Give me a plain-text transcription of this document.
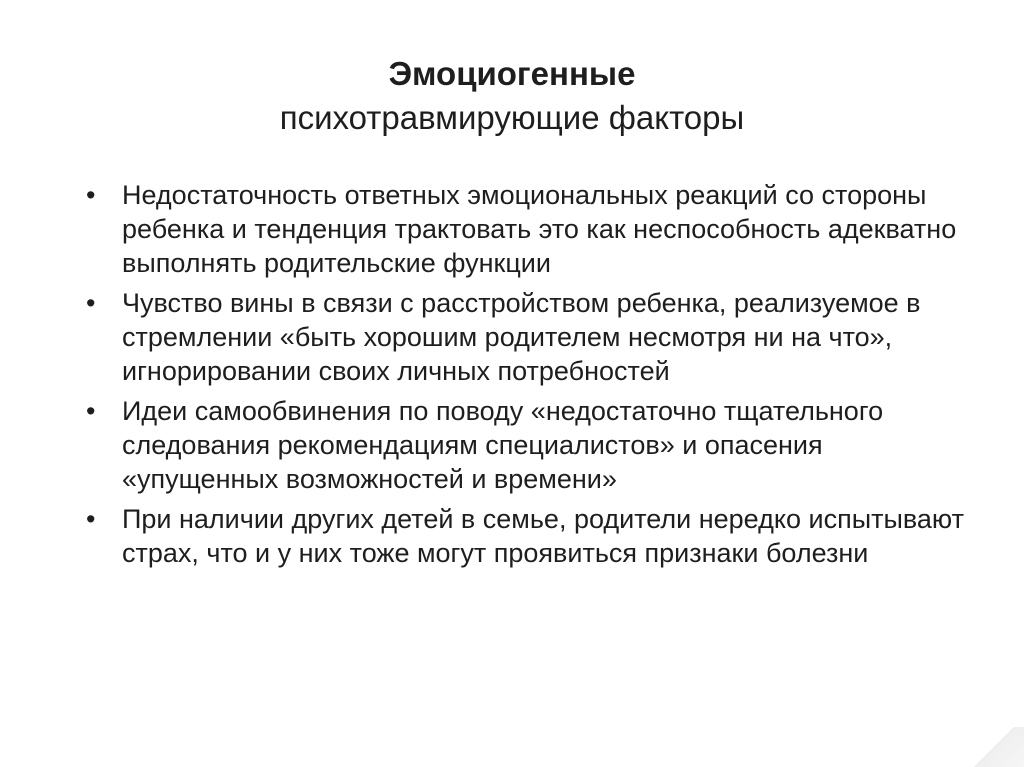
Эмоциогенные
психотравмирующие факторы
• Недостаточность ответных эмоциональных реакций со стороны ребенка и тенденция трактовать это как неспособность адекватно выполнять родительские функции
• Чувство вины в связи с расстройством ребенка, реализуемое в стремлении «быть хорошим родителем несмотря ни на что», игнорировании своих личных потребностей
• Идеи самообвинения по поводу «недостаточно тщательного следования рекомендациям специалистов» и опасения «упущенных возможностей и времени»
• При наличии других детей в семье, родители нередко испытывают страх, что и у них тоже могут проявиться признаки болезни
